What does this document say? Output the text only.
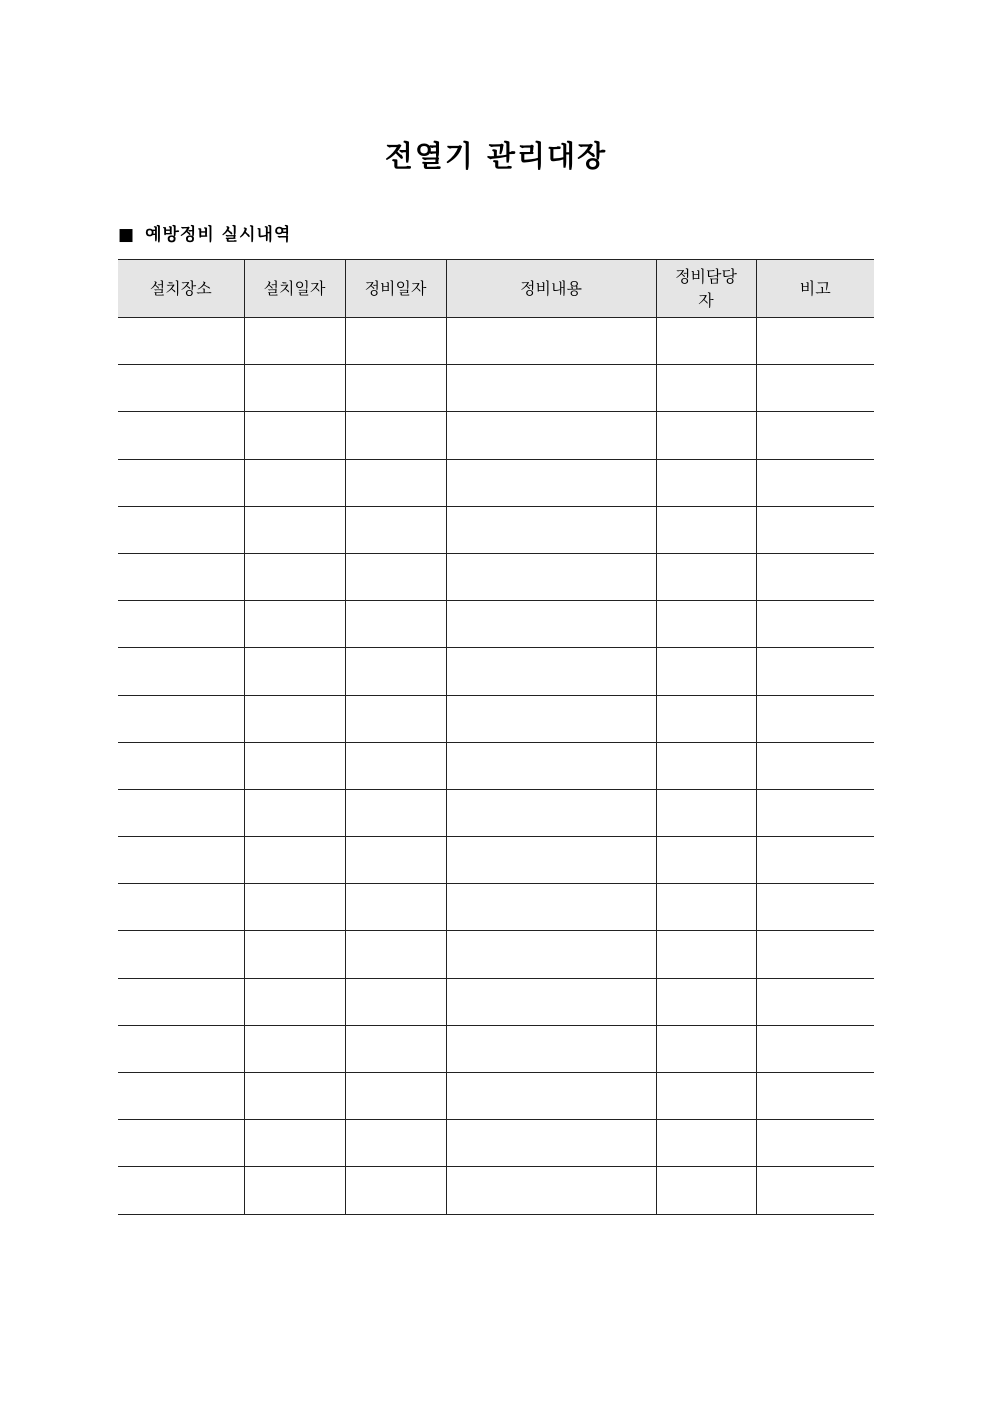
전열기 관리대장
■ 예방정비 실시내역
설치장소	설치일자	정비일자	정비내용	정비담당자	비고
